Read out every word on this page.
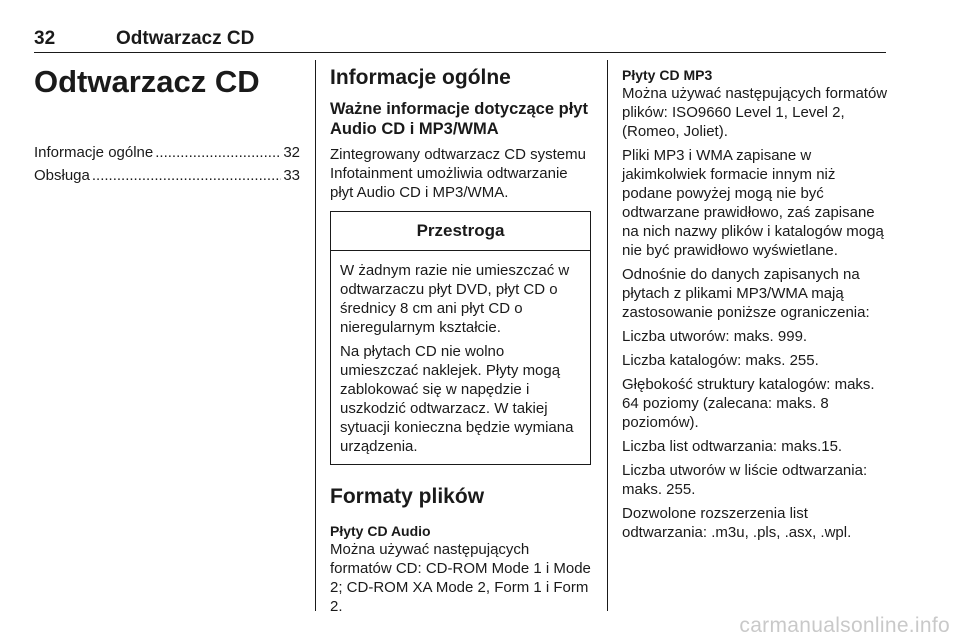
32	Odtwarzacz CD
Odtwarzacz CD
Informacje ogólne .....	32
Obsługa .....	33
Informacje ogólne
Ważne informacje dotyczące płyt Audio CD i MP3/WMA

Zintegrowany odtwarzacz CD systemu Infotainment umożliwia odtwarzanie płyt Audio CD i MP3/WMA.

Przestroga

W żadnym razie nie umieszczać w odtwarzaczu płyt DVD, płyt CD o średnicy 8 cm ani płyt CD o nieregularnym kształcie.

Na płytach CD nie wolno umieszczać naklejek. Płyty mogą zablokować się w napędzie i uszkodzić odtwarzacz. W takiej sytuacji konieczna będzie wymiana urządzenia.

Formaty plików

Płyty CD Audio

Można używać następujących formatów CD: CD-ROM Mode 1 i Mode 2; CD-ROM XA Mode 2, Form 1 i Form 2.

Płyty CD MP3

Można używać następujących formatów plików: ISO9660 Level 1, Level 2, (Romeo, Joliet).

Pliki MP3 i WMA zapisane w jakimkolwiek formacie innym niż podane powyżej mogą nie być odtwarzane prawidłowo, zaś zapisane na nich nazwy plików i katalogów mogą nie być prawidłowo wyświetlane.

Odnośnie do danych zapisanych na płytach z plikami MP3/WMA mają zastosowanie poniższe ograniczenia:

Liczba utworów: maks. 999.

Liczba katalogów: maks. 255.

Głębokość struktury katalogów: maks. 64 poziomy (zalecana: maks. 8 poziomów).

Liczba list odtwarzania: maks.15.

Liczba utworów w liście odtwarzania: maks. 255.

Dozwolone rozszerzenia list odtwarzania: .m3u, .pls, .asx, .wpl.

carmanualsonline.info
